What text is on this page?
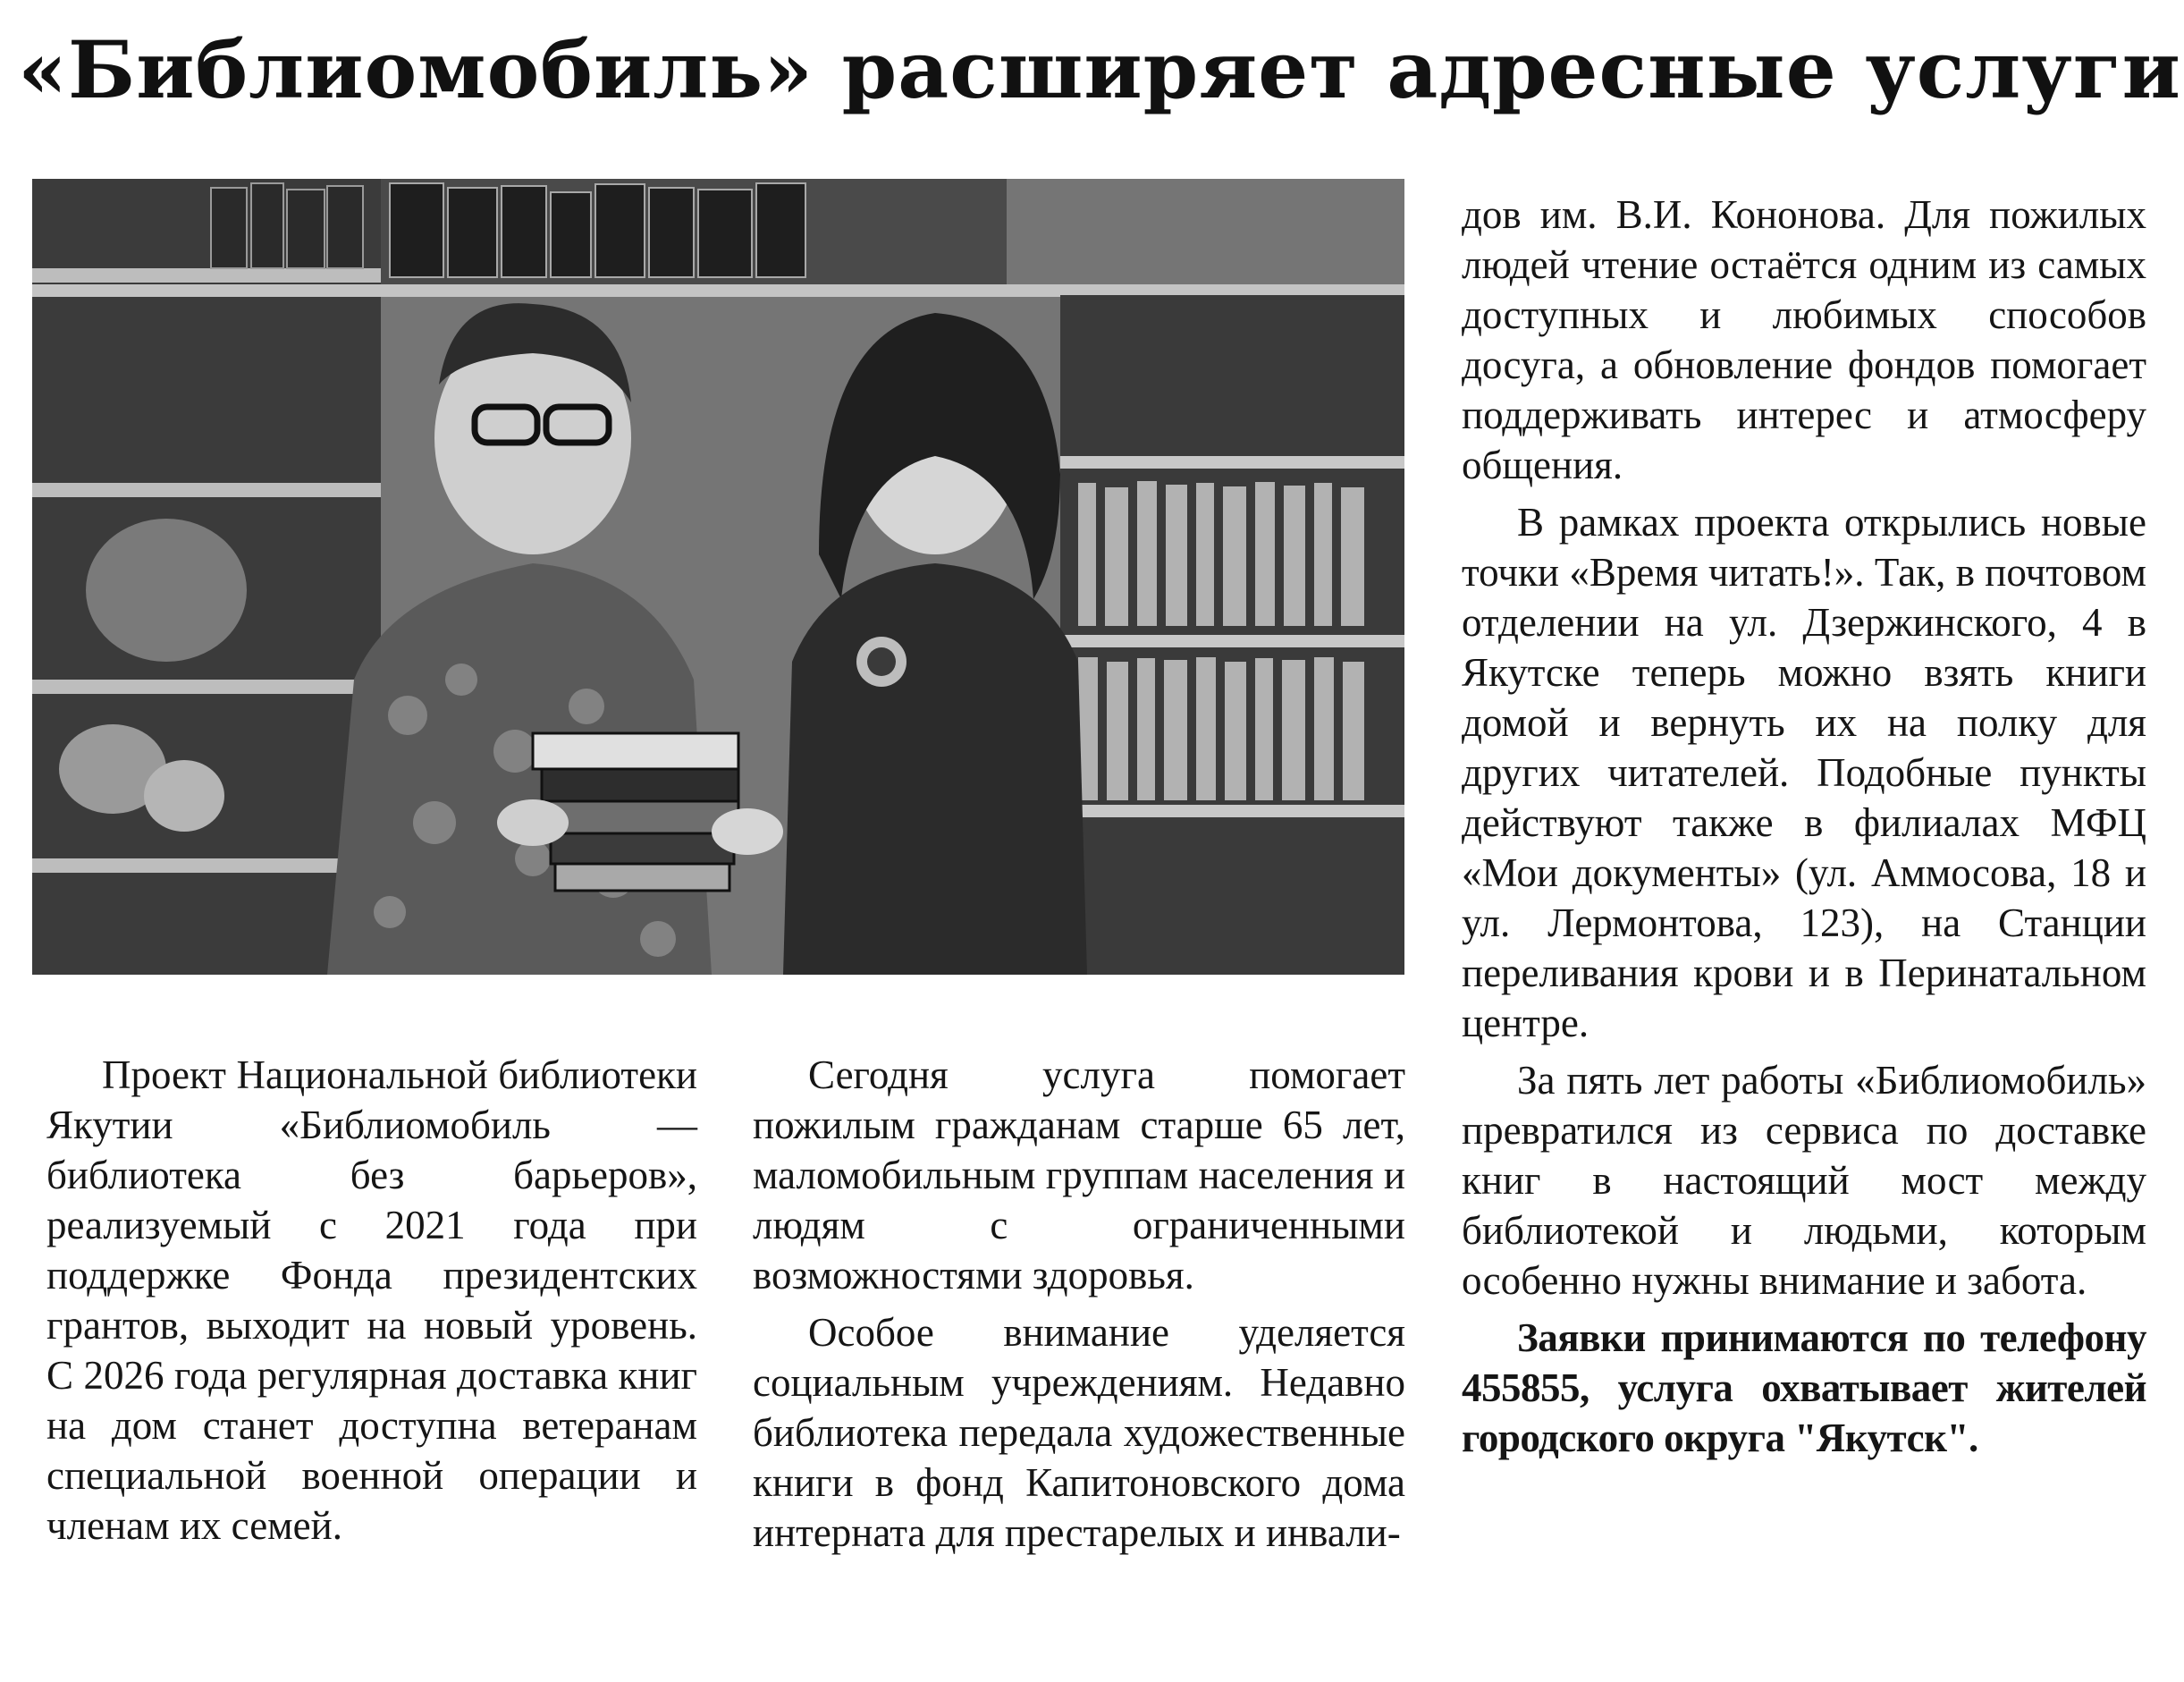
«Библиомобиль» расширяет адресные услуги

Проект Национальной библиотеки Якутии «Библиомобиль — библиотека без барьеров», реализуемый с 2021 года при поддержке Фонда президентских грантов, выходит на новый уровень. С 2026 года регулярная доставка книг на дом станет доступна ветеранам специальной военной операции и членам их семей.

Сегодня услуга помогает пожилым гражданам старше 65 лет, маломобильным группам населения и людям с ограниченными возможностями здоровья.

Особое внимание уделяется социальным учреждениям. Недавно библиотека передала художественные книги в фонд Капитоновского дома интерната для престарелых и инвали-

дов им. В.И. Кононова. Для пожилых людей чтение остаётся одним из самых доступных и любимых способов досуга, а обновление фондов помогает поддерживать интерес и атмосферу общения.

В рамках проекта открылись новые точки «Время читать!». Так, в почтовом отделении на ул. Дзержинского, 4 в Якутске теперь можно взять книги домой и вернуть их на полку для других читателей. Подобные пункты действуют также в филиалах МФЦ «Мои документы» (ул. Аммосова, 18 и ул. Лермонтова, 123), на Станции переливания крови и в Перинатальном центре.

За пять лет работы «Библиомобиль» превратился из сервиса по доставке книг в настоящий мост между библиотекой и людьми, которым особенно нужны внимание и забота.

Заявки принимаются по телефону 455855, услуга охватывает жителей городского округа "Якутск".
